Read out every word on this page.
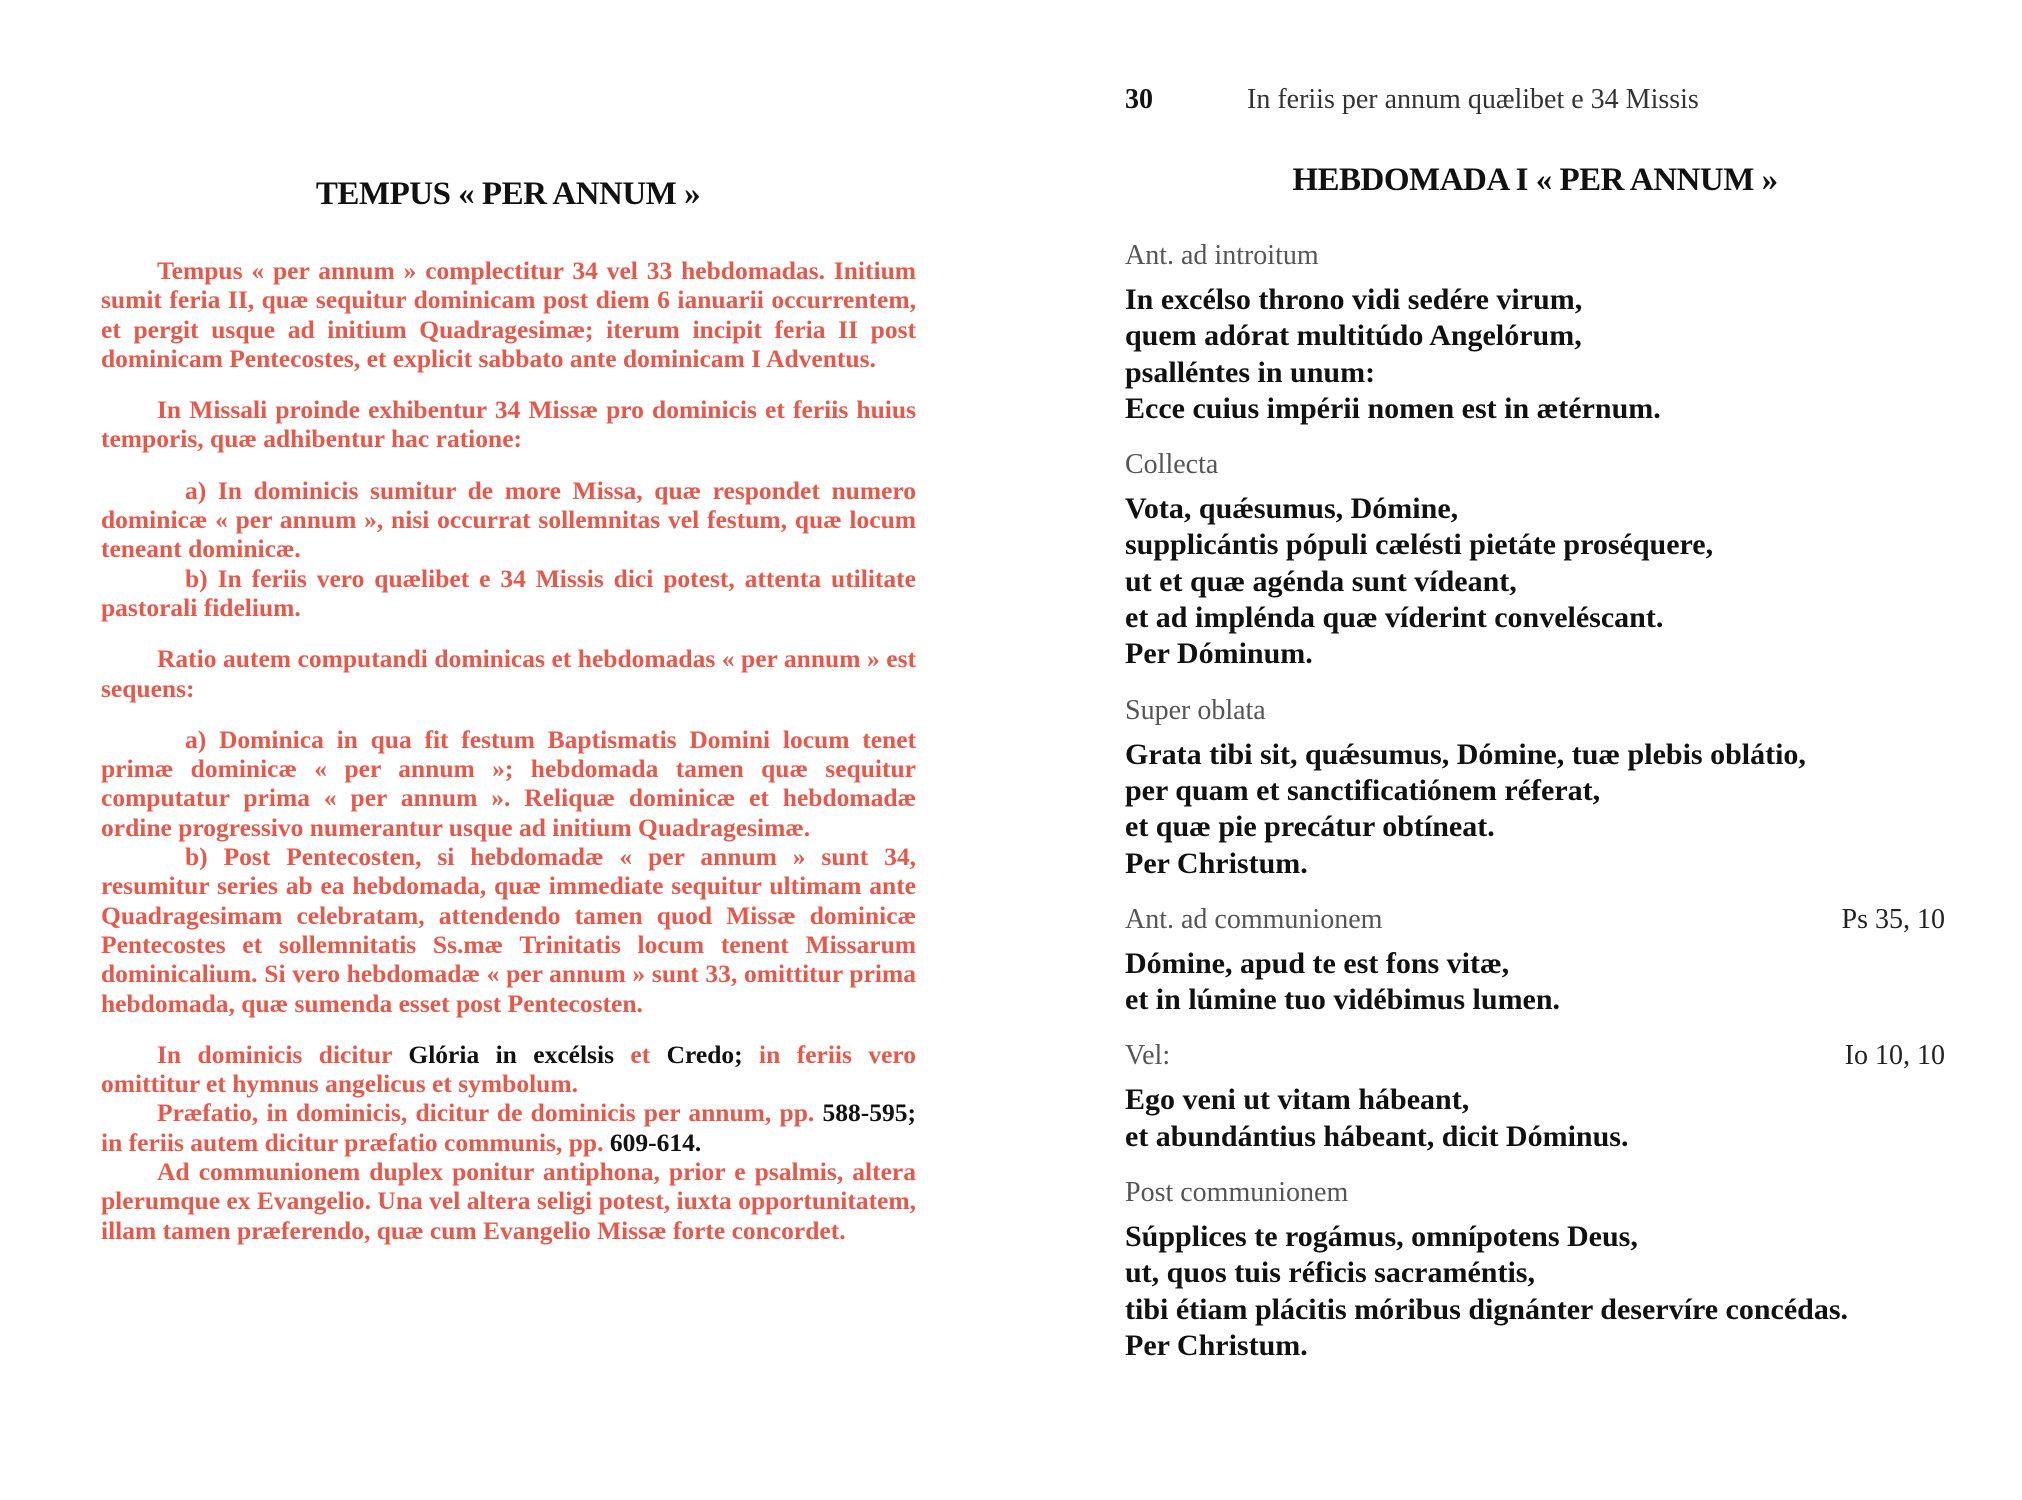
TEMPUS « PER ANNUM »

Tempus « per annum » complectitur 34 vel 33 hebdomadas. Initium sumit feria II, quæ sequitur dominicam post diem 6 ianuarii occurrentem, et pergit usque ad initium Quadragesimæ; iterum incipit feria II post dominicam Pentecostes, et explicit sabbato ante dominicam I Adventus.

In Missali proinde exhibentur 34 Missæ pro dominicis et feriis huius temporis, quæ adhibentur hac ratione:

a) In dominicis sumitur de more Missa, quæ respondet numero dominicæ « per annum », nisi occurrat sollemnitas vel festum, quæ locum teneant dominicæ.

b) In feriis vero quælibet e 34 Missis dici potest, attenta utilitate pastorali fidelium.

Ratio autem computandi dominicas et hebdomadas « per annum » est sequens:

a) Dominica in qua fit festum Baptismatis Domini locum tenet primæ dominicæ « per annum »; hebdomada tamen quæ sequitur computatur prima « per annum ». Reliquæ dominicæ et hebdomadæ ordine progressivo numerantur usque ad initium Quadragesimæ.

b) Post Pentecosten, si hebdomadæ « per annum » sunt 34, resumitur series ab ea hebdomada, quæ immediate sequitur ultimam ante Quadragesimam celebratam, attendendo tamen quod Missæ dominicæ Pentecostes et sollemnitatis Ss.mæ Trinitatis locum tenent Missarum dominicalium. Si vero hebdomadæ « per annum » sunt 33, omittitur prima hebdomada, quæ sumenda esset post Pentecosten.

In dominicis dicitur Glória in excélsis et Credo; in feriis vero omittitur et hymnus angelicus et symbolum.

Præfatio, in dominicis, dicitur de dominicis per annum, pp. 588-595; in feriis autem dicitur præfatio communis, pp. 609-614.

Ad communionem duplex ponitur antiphona, prior e psalmis, altera plerumque ex Evangelio. Una vel altera seligi potest, iuxta opportunitatem, illam tamen præferendo, quæ cum Evangelio Missæ forte concordet.

30	In feriis per annum quælibet e 34 Missis
HEBDOMADA I « PER ANNUM »
Ant. ad introitum
In excélso throno vidi sedére virum,
quem adórat multitúdo Angelórum,
psalléntes in unum:
Ecce cuius impérii nomen est in ætérnum.
Collecta
Vota, quǽsumus, Dómine,
supplicántis pópuli cælésti pietáte proséquere,
ut et quæ agénda sunt vídeant,
et ad impléndа quæ víderint conveléscant.
Per Dóminum.
Super oblata
Grata tibi sit, quǽsumus, Dómine, tuæ plebis oblátio,
per quam et sanctificatiónem réferat,
et quæ pie precátur obtíneat.
Per Christum.
Ant. ad communionem	Ps 35, 10
Dómine, apud te est fons vitæ,
et in lúmine tuo vidébimus lumen.
Vel:	Io 10, 10
Ego veni ut vitam hábeant,
et abundántius hábeant, dicit Dóminus.
Post communionem
Súpplices te rogámus, omnípotens Deus,
ut, quos tuis réficis sacraméntis,
tibi étiam plácitis móribus dignánter deservíre concédas.
Per Christum.
